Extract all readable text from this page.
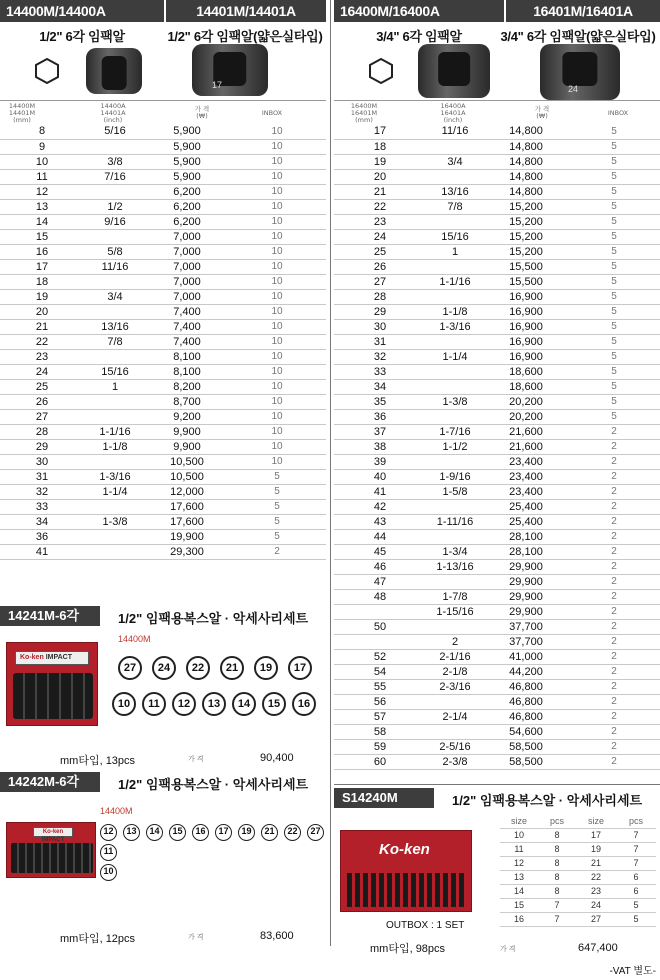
14400M/14400A	14401M/14401A
1/2" 6각 임팩알	1/2" 6각 임팩알(얇은실타입)
17
14400M
14401M
(mm)
14400A
14401A
(inch)
가 격
(₩)	INBOX
8	5/16	5,900	10
9		5,900	10
10	3/8	5,900	10
11	7/16	5,900	10
12		6,200	10
13	1/2	6,200	10
14	9/16	6,200	10
15		7,000	10
16	5/8	7,000	10
17	11/16	7,000	10
18		7,000	10
19	3/4	7,000	10
20		7,400	10
21	13/16	7,400	10
22	7/8	7,400	10
23		8,100	10
24	15/16	8,100	10
25	1	8,200	10
26		8,700	10
27		9,200	10
28	1-1/16	9,900	10
29	1-1/8	9,900	10
30		10,500	10
31	1-3/16	10,500	5
32	1-1/4	12,000	5
33		17,600	5
34	1-3/8	17,600	5
36		19,900	5
41		29,300	2
16400M/16400A	16401M/16401A
3/4" 6각 임팩알	3/4" 6각 임팩알(얇은실타입)
24
16400M
16401M
(mm)
16400A
16401A
(inch)
가 격
(₩)	INBOX
17	11/16	14,800	5
18		14,800	5
19	3/4	14,800	5
20		14,800	5
21	13/16	14,800	5
22	7/8	15,200	5
23		15,200	5
24	15/16	15,200	5
25	1	15,200	5
26		15,500	5
27	1-1/16	15,500	5
28		16,900	5
29	1-1/8	16,900	5
30	1-3/16	16,900	5
31		16,900	5
32	1-1/4	16,900	5
33		18,600	5
34		18,600	5
35	1-3/8	20,200	5
36		20,200	5
37	1-7/16	21,600	2
38	1-1/2	21,600	2
39		23,400	2
40	1-9/16	23,400	2
41	1-5/8	23,400	2
42		25,400	2
43	1-11/16	25,400	2
44		28,100	2
45	1-3/4	28,100	2
46	1-13/16	29,900	2
47		29,900	2
48	1-7/8	29,900	2
	1-15/16	29,900	2
50		37,700	2
	2	37,700	2
52	2-1/16	41,000	2
54	2-1/8	44,200	2
55	2-3/16	46,800	2
56		46,800	2
57	2-1/4	46,800	2
58		54,600	2
59	2-5/16	58,500	2
60	2-3/8	58,500	2
14241M-6각	1/2" 임팩용복스알 · 악세사리세트
14400M
Ko-ken IMPACT
27	24	22	21	19	17
10	11	12	13	14	15	16
mm타입, 13pcs	가 격	90,400
14242M-6각	1/2" 임팩용복스알 · 악세사리세트
14400M
Ko-ken IMPACT
12	13	14	15	16	17	19	21	22	27
11
10
mm타입, 12pcs	가 격	83,600
S14240M	1/2" 임팩용복스알 · 악세사리세트
Ko-ken
size	pcs	size	pcs
10	8	17	7
11	8	19	7
12	8	21	7
13	8	22	6
14	8	23	6
15	7	24	5
16	7	27	5
OUTBOX : 1 SET
mm타입, 98pcs	가 격	647,400
-VAT 별도-
